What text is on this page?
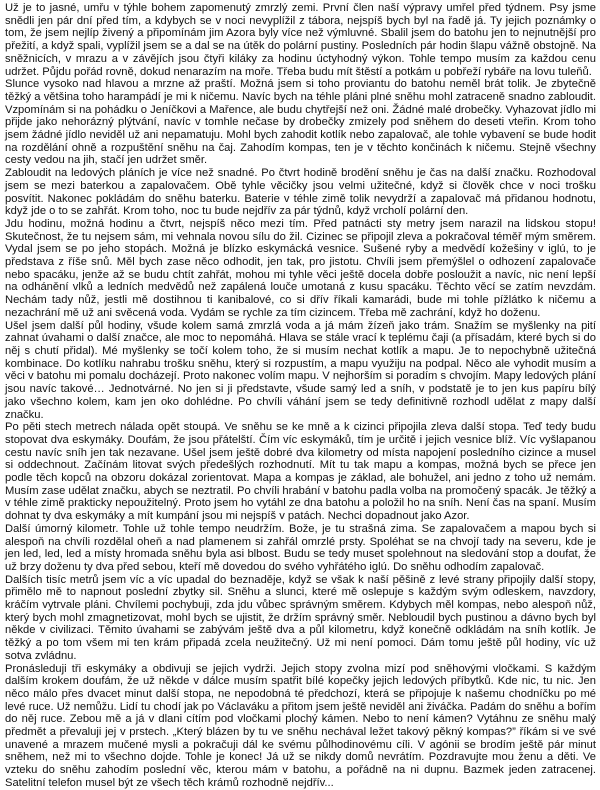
Už je to jasné, umřu v týhle bohem zapomenutý zmrzlý zemi. První člen naší výpravy umřel před týdnem. Psy jsme snědli jen pár dní před tím, a kdybych se v noci nevyplížil z tábora, nejspíš bych byl na řadě já. Ty jejich poznámky o tom, že jsem nejlíp živený a připomínám jim Azora byly více než výmluvné. Sbalil jsem do batohu jen to nejnutnější pro přežití, a když spali, vyplížil jsem se a dal se na útěk do polární pustiny. Posledních pár hodin šlapu vážně obstojně. Na sněžnicích, v mrazu a v závějích jsou čtyři kiláky za hodinu úctyhodný výkon. Tohle tempo musím za každou cenu udržet. Půjdu pořád rovně, dokud nenarazím na moře. Třeba budu mít štěstí a potkám u pobřeží rybáře na lovu tuleňů.

Slunce vysoko nad hlavou a mrzne až praští. Možná jsem si toho proviantu do batohu neměl brát tolik. Je zbytečně těžký a většina toho harampádí je mi k ničemu. Navíc bych na téhle pláni plné sněhu mohl zatraceně snadno zabloudit. Vzpomínám si na pohádku o Jeníčkovi a Mařence, ale budu chytřejší než oni. Žádné malé drobečky. Vyhazovat jídlo mi přijde jako nehorázný plýtvání, navíc v tomhle nečase by drobečky zmizely pod sněhem do deseti vteřin. Krom toho jsem žádné jídlo neviděl už ani nepamatuju. Mohl bych zahodit kotlík nebo zapalovač, ale tohle vybavení se bude hodit na rozdělání ohně a rozpuštění sněhu na čaj. Zahodím kompas, ten je v těchto končinách k ničemu. Stejně všechny cesty vedou na jih, stačí jen udržet směr.

Zabloudit na ledových pláních je více než snadné. Po čtvrt hodině brodění sněhu je čas na další značku. Rozhodoval jsem se mezi baterkou a zapalovačem. Obě tyhle věcičky jsou velmi užitečné, když si člověk chce v noci trošku posvítit. Nakonec pokládám do sněhu baterku. Baterie v téhle zimě tolik nevydrží a zapalovač má přidanou hodnotu, když jde o to se zahřát. Krom toho, noc tu bude nejdřív za pár týdnů, když vrcholí polární den.

Jdu hodinu, možná hodinu a čtvrt, nejspíš něco mezi tím. Před patnácti sty metry jsem narazil na lidskou stopu! Skutečnost, že tu nejsem sám, mi vehnala novou sílu do žil. Cizinec se připojil zleva a pokračoval téměř mým směrem. Vydal jsem se po jeho stopách. Možná je blízko eskymácká vesnice. Sušené ryby a medvědí kožešiny v iglú, to je představa z říše snů. Měl bych zase něco odhodit, jen tak, pro jistotu. Chvíli jsem přemýšlel o odhození zapalovače nebo spacáku, jenže až se budu chtít zahřát, mohou mi tyhle věci ještě docela dobře posloužit a navíc, nic není lepší na odhánění vlků a ledních medvědů než zapálená louče umotaná z kusu spacáku. Těchto věcí se zatím nevzdám. Nechám tady nůž, jestli mě dostihnou ti kanibalové, co si dřív říkali kamarádi, bude mi tohle pížlátko k ničemu a nezachrání mě už ani svěcená voda. Vydám se rychle za tím cizincem. Třeba mě zachrání, když ho doženu.

Ušel jsem další půl hodiny, všude kolem samá zmrzlá voda a já mám žízeň jako trám. Snažím se myšlenky na pití zahnat úvahami o další značce, ale moc to nepomáhá. Hlava se stále vrací k teplému čaji (a přísadám, které bych si do něj s chutí přidal). Mé myšlenky se točí kolem toho, že si musím nechat kotlík a mapu. Je to nepochybně užitečná kombinace. Do kotlíku nahrabu trošku sněhu, který si rozpustím, a mapu využiju na podpal. Něco ale vyhodit musím a věci v batohu mi pomalu docházejí. Proto nakonec volím mapu. V nejhorším si poradím s chvojím. Mapy ledových plání jsou navíc takové… Jednotvárné. No jen si ji představte, všude samý led a sníh, v podstatě je to jen kus papíru bílý jako všechno kolem, kam jen oko dohlédne. Po chvíli váhání jsem se tedy definitivně rozhodl udělat z mapy další značku.

Po pěti stech metrech nálada opět stoupá. Ve sněhu se ke mně a k cizinci připojila zleva další stopa. Teď tedy budu stopovat dva eskymáky. Doufám, že jsou přátelští. Čím víc eskymáků, tím je určitě i jejich vesnice blíž. Víc vyšlapanou cestu navíc sníh jen tak nezavane. Ušel jsem ještě dobré dva kilometry od místa napojení posledního cizince a musel si oddechnout. Začínám litovat svých předešlých rozhodnutí. Mít tu tak mapu a kompas, možná bych se přece jen podle těch kopců na obzoru dokázal zorientovat. Mapa a kompas je základ, ale bohužel, ani jedno z toho už nemám. Musím zase udělat značku, abych se neztratil. Po chvíli hrabání v batohu padla volba na promočený spacák. Je těžký a v téhle zimě prakticky nepoužitelný. Proto jsem ho vytáhl ze dna batohu a položil ho na sníh. Není čas na spaní. Musím dohnat ty dva eskymáky a mít kumpání jsou mi nejspíš v patách. Nechci dopadnout jako Azor.

Další úmorný kilometr. Tohle už tohle tempo neudržím. Bože, je tu strašná zima. Se zapalovačem a mapou bych si alespoň na chvíli rozdělal oheň a nad plamenem si zahřál omrzlé prsty. Spoléhat se na chvojí tady na severu, kde je jen led, led, led a místy hromada sněhu byla asi blbost. Budu se tedy muset spolehnout na sledování stop a doufat, že už brzy doženu ty dva před sebou, kteří mě dovedou do svého vyhřátého iglú. Do sněhu odhodím zapalovač.

Dalších tisíc metrů jsem víc a víc upadal do beznaděje, když se však k naší pěšině z levé strany připojily další stopy, přimělo mě to napnout poslední zbytky sil. Sněhu a slunci, které mě oslepuje s každým svým odleskem, navzdory, kráčím vytrvale pláni. Chvílemi pochybuji, zda jdu vůbec správným směrem. Kdybych měl kompas, nebo alespoň nůž, který bych mohl zmagnetizovat, mohl bych se ujistit, že držím správný směr. Nebloudil bych pustinou a dávno bych byl někde v civilizaci. Těmito úvahami se zabývám ještě dva a půl kilometru, když konečně odkládám na sníh kotlík. Je těžký a po tom všem mi ten krám připadá zcela neužitečný. Už mi není pomoci. Dám tomu ještě půl hodiny, víc už sotva zvládnu.

Pronásleduji tři eskymáky a obdivuji se jejich vydrži. Jejich stopy zvolna mizí pod sněhovými vločkami. S každým dalším krokem doufám, že už někde v dálce musím spatřit bílé kopečky jejich ledových příbytků. Kde nic, tu nic. Jen něco málo přes dvacet minut další stopa, ne nepodobná té předchozí, která se připojuje k našemu chodníčku po mé levé ruce. Už nemůžu. Lidí tu chodí jak po Václaváku a přitom jsem ještě neviděl ani živáčka. Padám do sněhu a bořím do něj ruce. Zebou mě a já v dlani cítím pod vločkami plochý kámen. Nebo to není kámen? Vytáhnu ze sněhu malý předmět a převaluji jej v prstech. „Který blázen by tu ve sněhu nechával ležet takový pěkný kompas?” říkám si ve své unavené a mrazem mučené mysli a pokračuji dál ke svému půlhodinovému cíli. V agónii se brodím ještě pár minut sněhem, než mi to všechno dojde. Tohle je konec! Já už se nikdy domů nevrátím. Pozdravujte mou ženu a děti. Ve vzteku do sněhu zahodím poslední věc, kterou mám v batohu, a pořádně na ni dupnu. Bazmek jeden zatracenej. Satelitní telefon musel být ze všech těch krámů rozhodně nejdřív...
